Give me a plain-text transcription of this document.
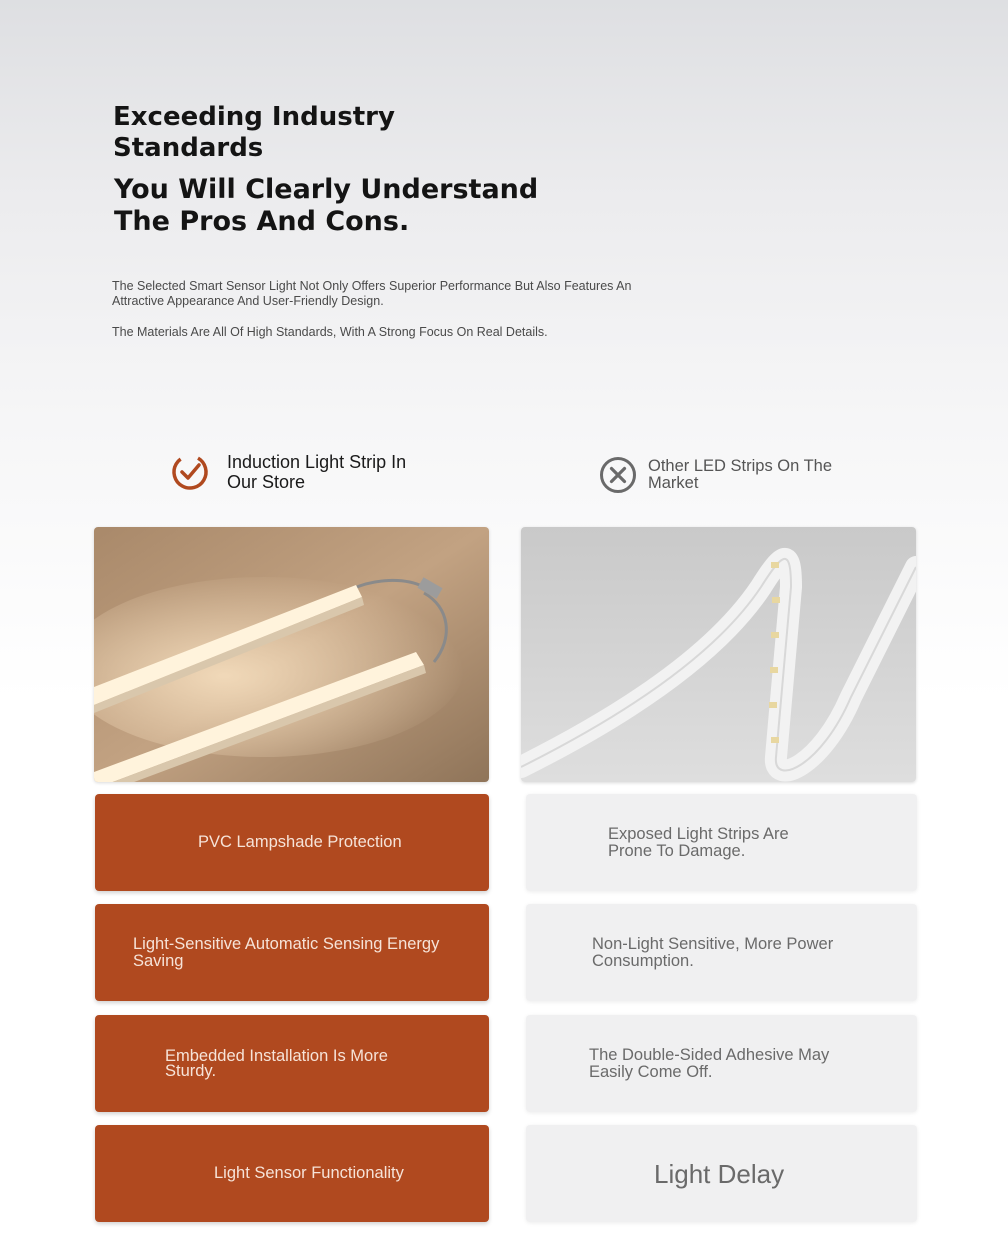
Exceeding Industry Standards
You Will Clearly Understand The Pros And Cons.

The Selected Smart Sensor Light Not Only Offers Superior Performance But Also Features An Attractive Appearance And User-Friendly Design.

The Materials Are All Of High Standards, With A Strong Focus On Real Details.

Induction Light Strip In Our Store
Other LED Strips On The Market
PVC Lampshade Protection
Light-Sensitive Automatic Sensing Energy Saving
Embedded Installation Is More Sturdy.
Light Sensor Functionality
Exposed Light Strips Are Prone To Damage.
Non-Light Sensitive, More Power Consumption.
The Double-Sided Adhesive May Easily Come Off.
Light Delay
